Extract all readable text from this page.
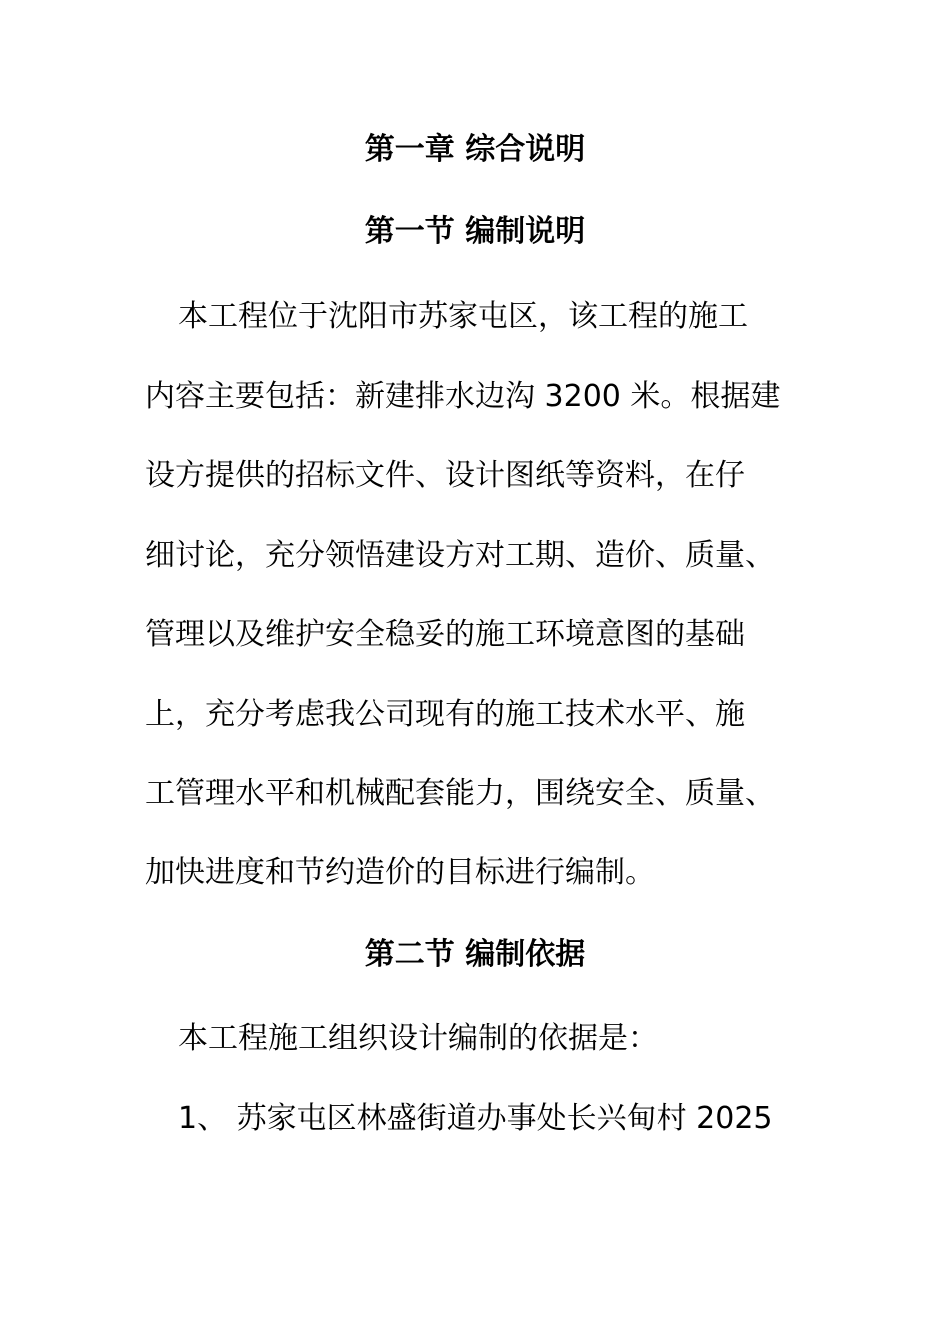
第一章 综合说明
第一节 编制说明
本工程位于沈阳市苏家屯区，该工程的施工
内容主要包括：新建排水边沟 3200 米。根据建
设方提供的招标文件、设计图纸等资料，在仔
细讨论，充分领悟建设方对工期、造价、质量、
管理以及维护安全稳妥的施工环境意图的基础
上，充分考虑我公司现有的施工技术水平、施
工管理水平和机械配套能力，围绕安全、质量、
加快进度和节约造价的目标进行编制。
第二节 编制依据
本工程施工组织设计编制的依据是：
1、 苏家屯区林盛街道办事处长兴甸村 2025
